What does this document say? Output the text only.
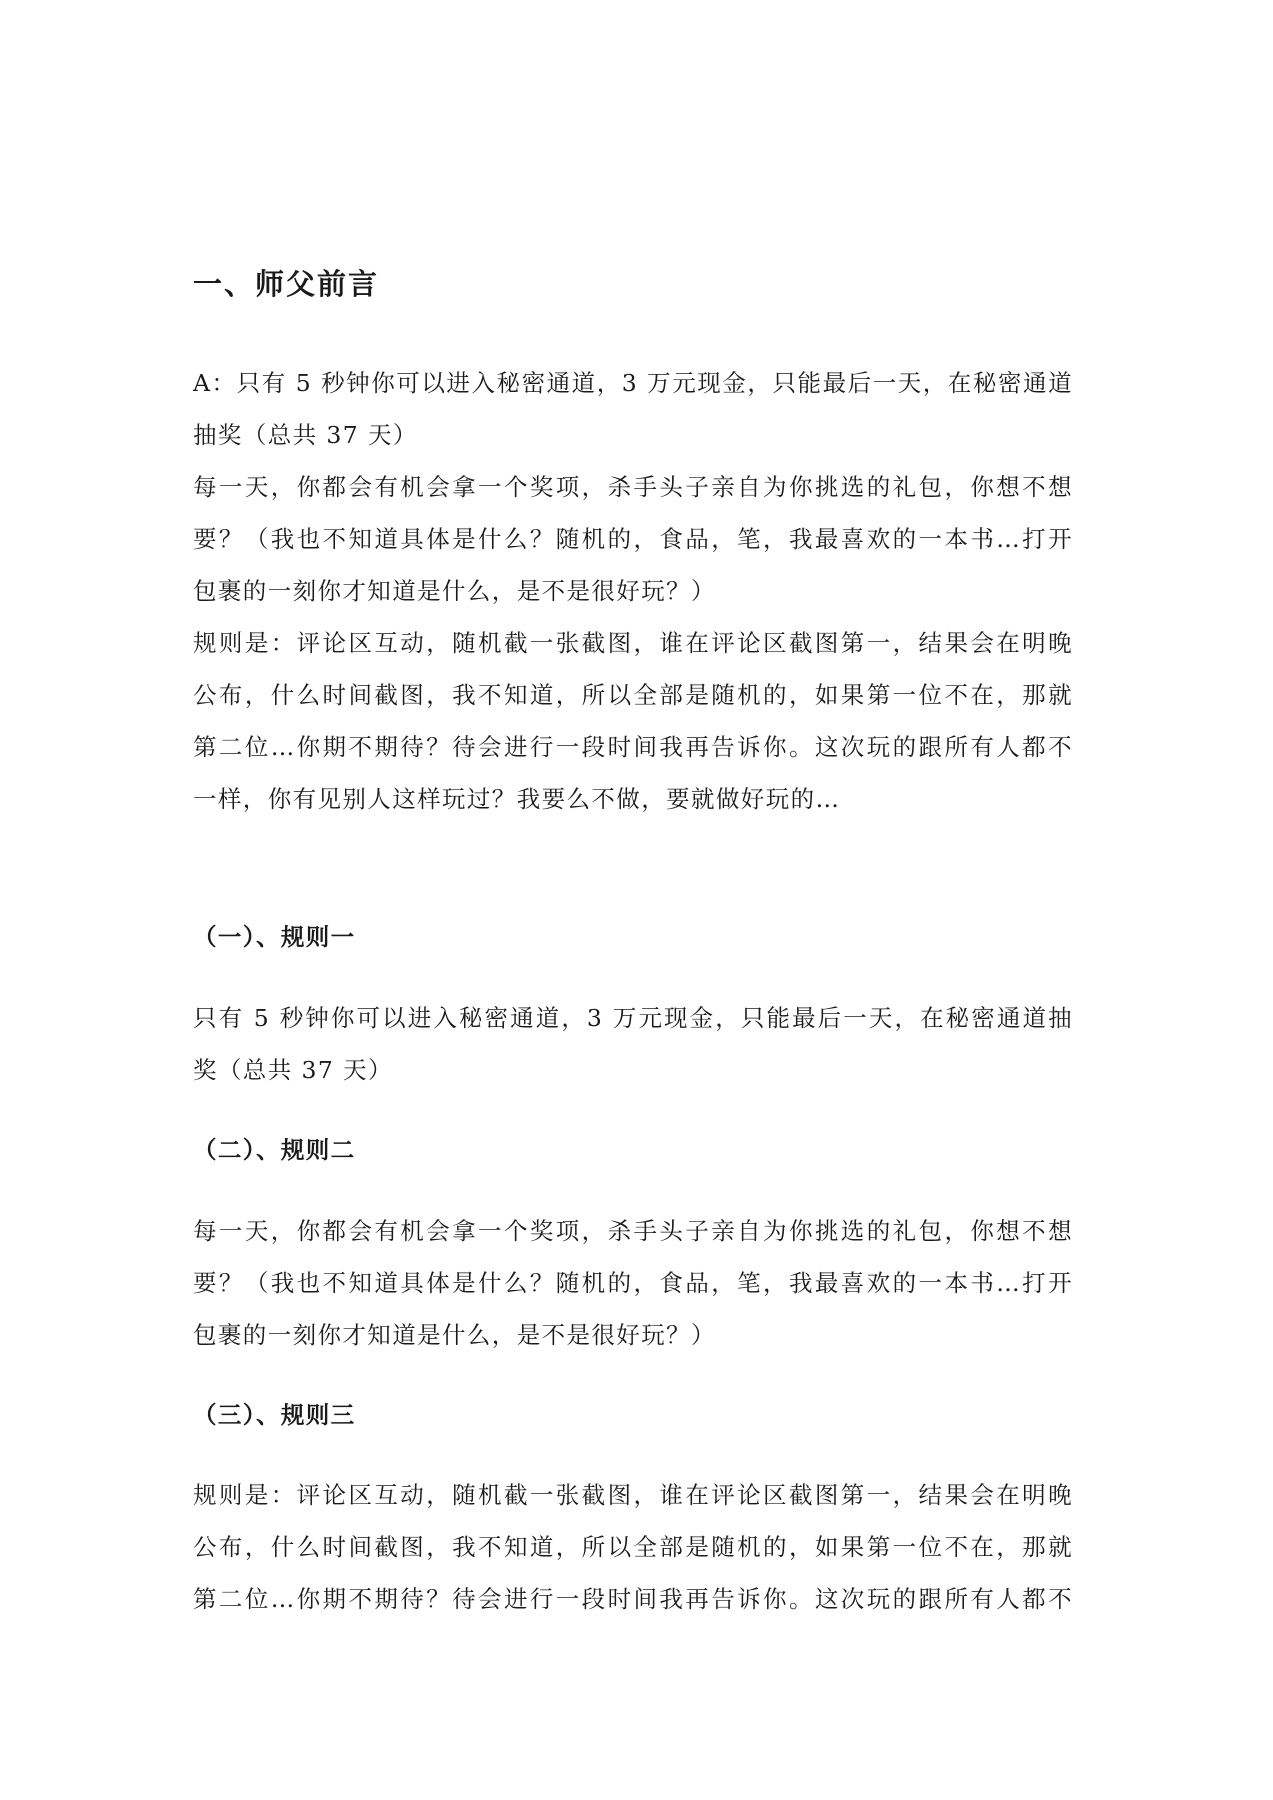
一、师父前言
A：只有 5 秒钟你可以进入秘密通道，3 万元现金，只能最后一天，在秘密通道
抽奖（总共 37 天）
每一天，你都会有机会拿一个奖项，杀手头子亲自为你挑选的礼包，你想不想
要？（我也不知道具体是什么？随机的，食品，笔，我最喜欢的一本书…打开
包裹的一刻你才知道是什么，是不是很好玩？）
规则是：评论区互动，随机截一张截图，谁在评论区截图第一，结果会在明晚
公布，什么时间截图，我不知道，所以全部是随机的，如果第一位不在，那就
第二位…你期不期待？待会进行一段时间我再告诉你。这次玩的跟所有人都不
一样，你有见别人这样玩过？我要么不做，要就做好玩的…
（一）、规则一
只有 5 秒钟你可以进入秘密通道，3 万元现金，只能最后一天，在秘密通道抽
奖（总共 37 天）
（二）、规则二
每一天，你都会有机会拿一个奖项，杀手头子亲自为你挑选的礼包，你想不想
要？（我也不知道具体是什么？随机的，食品，笔，我最喜欢的一本书…打开
包裹的一刻你才知道是什么，是不是很好玩？）
（三）、规则三
规则是：评论区互动，随机截一张截图，谁在评论区截图第一，结果会在明晚
公布，什么时间截图，我不知道，所以全部是随机的，如果第一位不在，那就
第二位…你期不期待？待会进行一段时间我再告诉你。这次玩的跟所有人都不
